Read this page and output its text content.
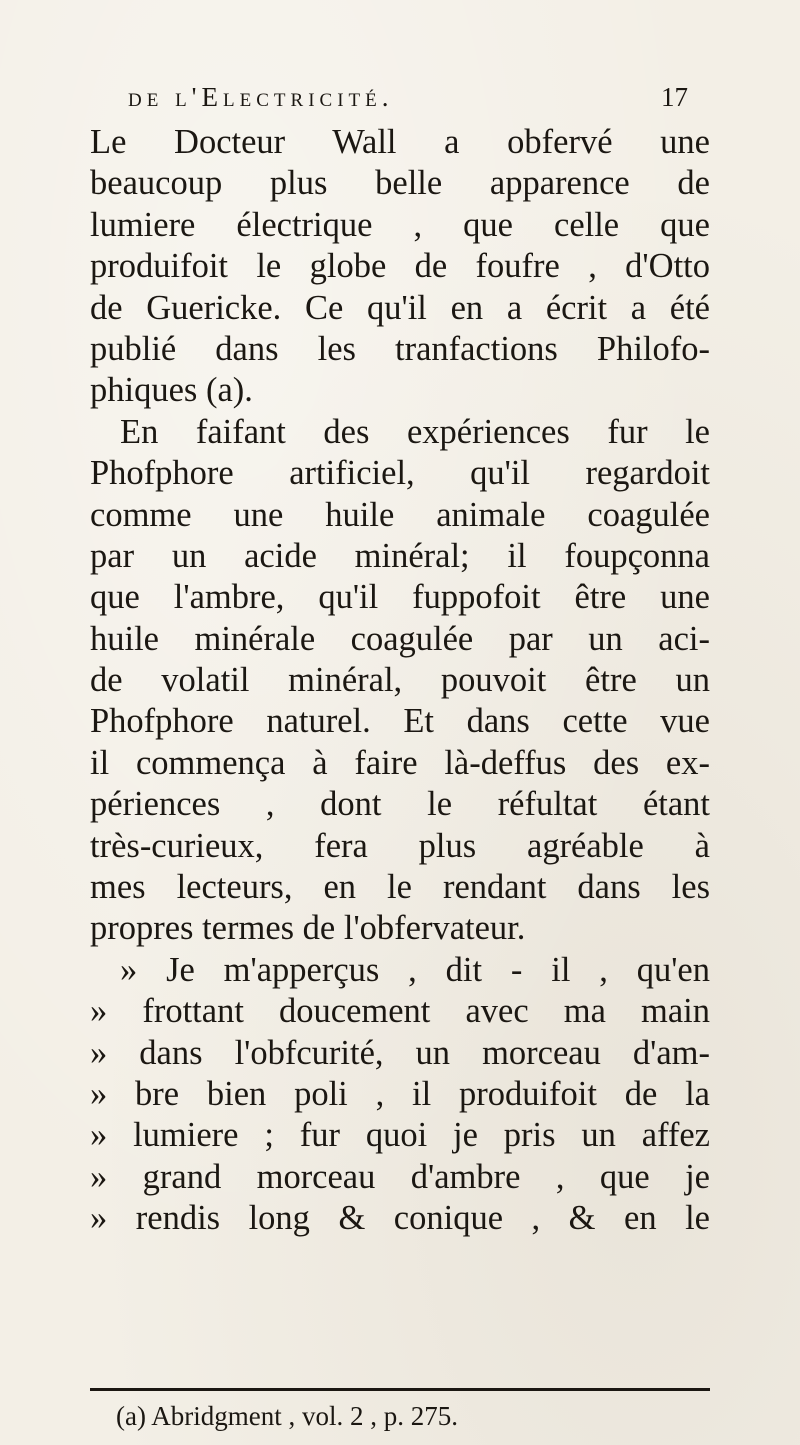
de l'Electricité.	17
Le Docteur Wall a obfervé une
beaucoup plus belle apparence de
lumiere électrique , que celle que
produifoit le globe de foufre , d'Otto
de Guericke. Ce qu'il en a écrit a été
publié dans les tranfactions Philofo-
phiques (a).
En faifant des expériences fur le
Phofphore artificiel, qu'il regardoit
comme une huile animale coagulée
par un acide minéral; il foupçonna
que l'ambre, qu'il fuppofoit être une
huile minérale coagulée par un aci-
de volatil minéral, pouvoit être un
Phofphore naturel. Et dans cette vue
il commença à faire là-deffus des ex-
périences , dont le réfultat étant
très-curieux, fera plus agréable à
mes lecteurs, en le rendant dans les
propres termes de l'obfervateur.
» Je m'apperçus , dit - il , qu'en
» frottant doucement avec ma main
» dans l'obfcurité, un morceau d'am-
» bre bien poli , il produifoit de la
» lumiere ; fur quoi je pris un affez
» grand morceau d'ambre , que je
» rendis long & conique , & en le
(a) Abridgment , vol. 2 , p. 275.
